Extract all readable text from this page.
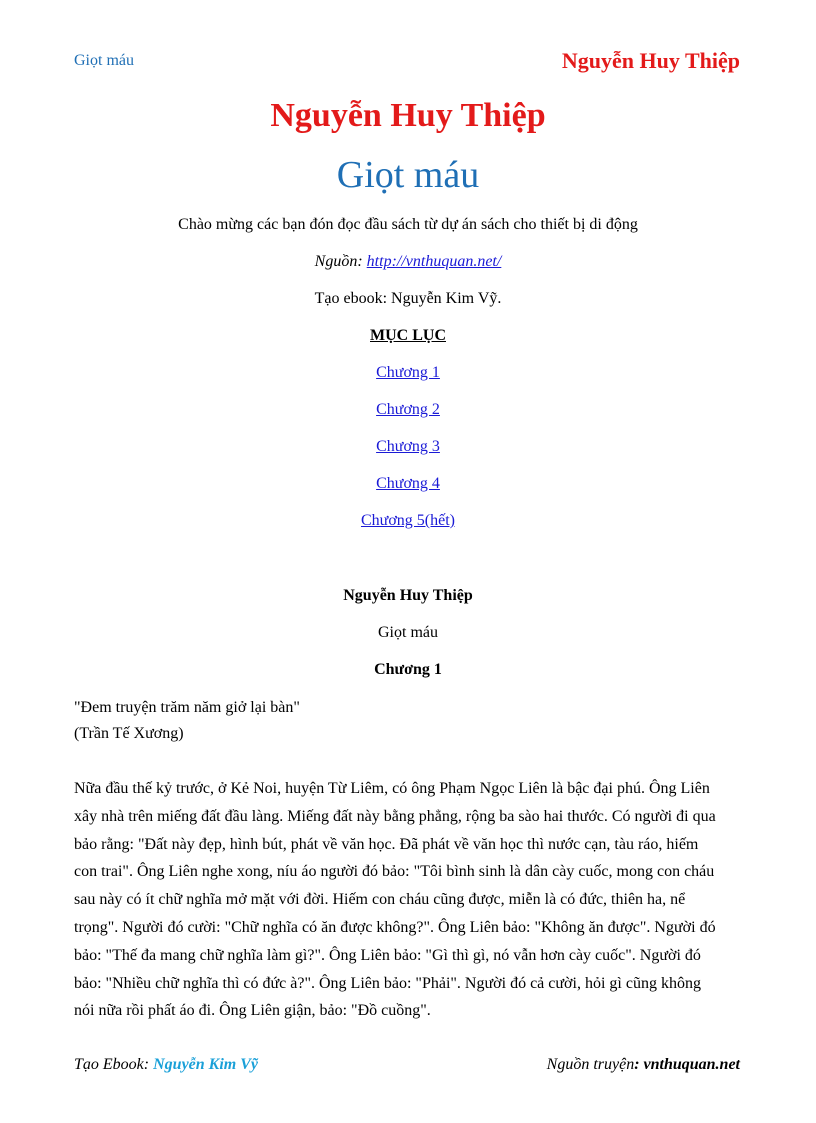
Giọt máu	Nguyễn Huy Thiệp
Nguyễn Huy Thiệp
Giọt máu
Chào mừng các bạn đón đọc đầu sách từ dự án sách cho thiết bị di động
Nguồn: http://vnthuquan.net/
Tạo ebook: Nguyễn Kim Vỹ.
MỤC LỤC
Chương 1
Chương 2
Chương 3
Chương 4
Chương 5(hết)
Nguyễn Huy Thiệp
Giọt máu
Chương 1
"Đem truyện trăm năm giở lại bàn"
(Trần Tế Xương)
Nữa đầu thế kỷ trước, ở Kẻ Noi, huyện Từ Liêm, có ông Phạm Ngọc Liên là bậc đại phú. Ông Liên
xây nhà trên miếng đất đầu làng. Miếng đất này bằng phẳng, rộng ba sào hai thước. Có người đi qua
bảo rằng: "Đất này đẹp, hình bút, phát về văn học. Đã phát về văn học thì nước cạn, tàu ráo, hiếm
con trai". Ông Liên nghe xong, níu áo người đó bảo: "Tôi bình sinh là dân cày cuốc, mong con cháu
sau này có ít chữ nghĩa mở mặt với đời. Hiếm con cháu cũng được, miễn là có đức, thiên ha, nể
trọng". Người đó cười: "Chữ nghĩa có ăn được không?". Ông Liên bảo: "Không ăn được". Người đó
bảo: "Thế đa mang chữ nghĩa làm gì?". Ông Liên bảo: "Gì thì gì, nó vẫn hơn cày cuốc". Người đó
bảo: "Nhiều chữ nghĩa thì có đức à?". Ông Liên bảo: "Phải". Người đó cả cười, hỏi gì cũng không
nói nữa rồi phất áo đi. Ông Liên giận, bảo: "Đồ cuồng".
Tạo Ebook: Nguyễn Kim Vỹ	Nguồn truyện: vnthuquan.net
